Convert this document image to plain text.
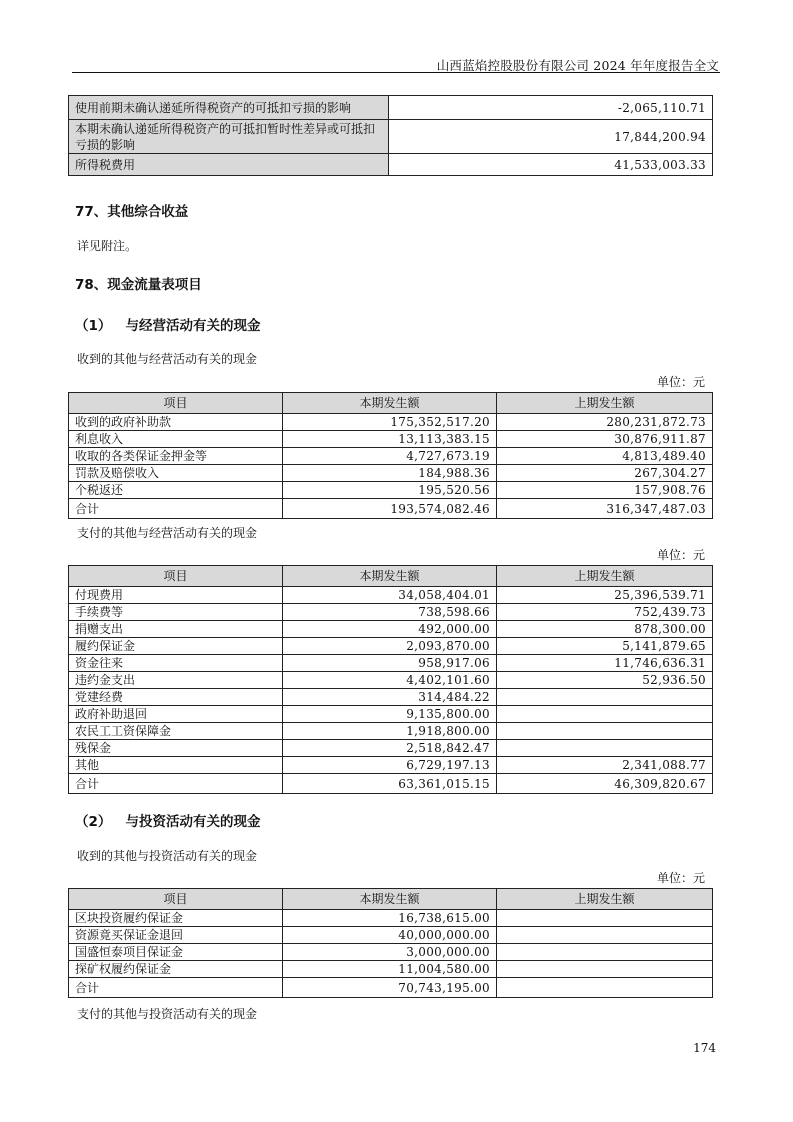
山西蓝焰控股股份有限公司 2024 年年度报告全文
使用前期未确认递延所得税资产的可抵扣亏损的影响	-2,065,110.71
本期未确认递延所得税资产的可抵扣暂时性差异或可抵扣亏损的影响	17,844,200.94
所得税费用	41,533,003.33
77、其他综合收益
详见附注。
78、现金流量表项目
（1）   与经营活动有关的现金
收到的其他与经营活动有关的现金
单位：元
项目	本期发生额	上期发生额
收到的政府补助款	175,352,517.20	280,231,872.73
利息收入	13,113,383.15	30,876,911.87
收取的各类保证金押金等	4,727,673.19	4,813,489.40
罚款及赔偿收入	184,988.36	267,304.27
个税返还	195,520.56	157,908.76
合计	193,574,082.46	316,347,487.03
支付的其他与经营活动有关的现金
单位：元
项目	本期发生额	上期发生额
付现费用	34,058,404.01	25,396,539.71
手续费等	738,598.66	752,439.73
捐赠支出	492,000.00	878,300.00
履约保证金	2,093,870.00	5,141,879.65
资金往来	958,917.06	11,746,636.31
违约金支出	4,402,101.60	52,936.50
党建经费	314,484.22	
政府补助退回	9,135,800.00	
农民工工资保障金	1,918,800.00	
残保金	2,518,842.47	
其他	6,729,197.13	2,341,088.77
合计	63,361,015.15	46,309,820.67
（2）   与投资活动有关的现金
收到的其他与投资活动有关的现金
单位：元
项目	本期发生额	上期发生额
区块投资履约保证金	16,738,615.00	
资源竟买保证金退回	40,000,000.00	
国盛恒泰项目保证金	3,000,000.00	
探矿权履约保证金	11,004,580.00	
合计	70,743,195.00	
支付的其他与投资活动有关的现金
174
